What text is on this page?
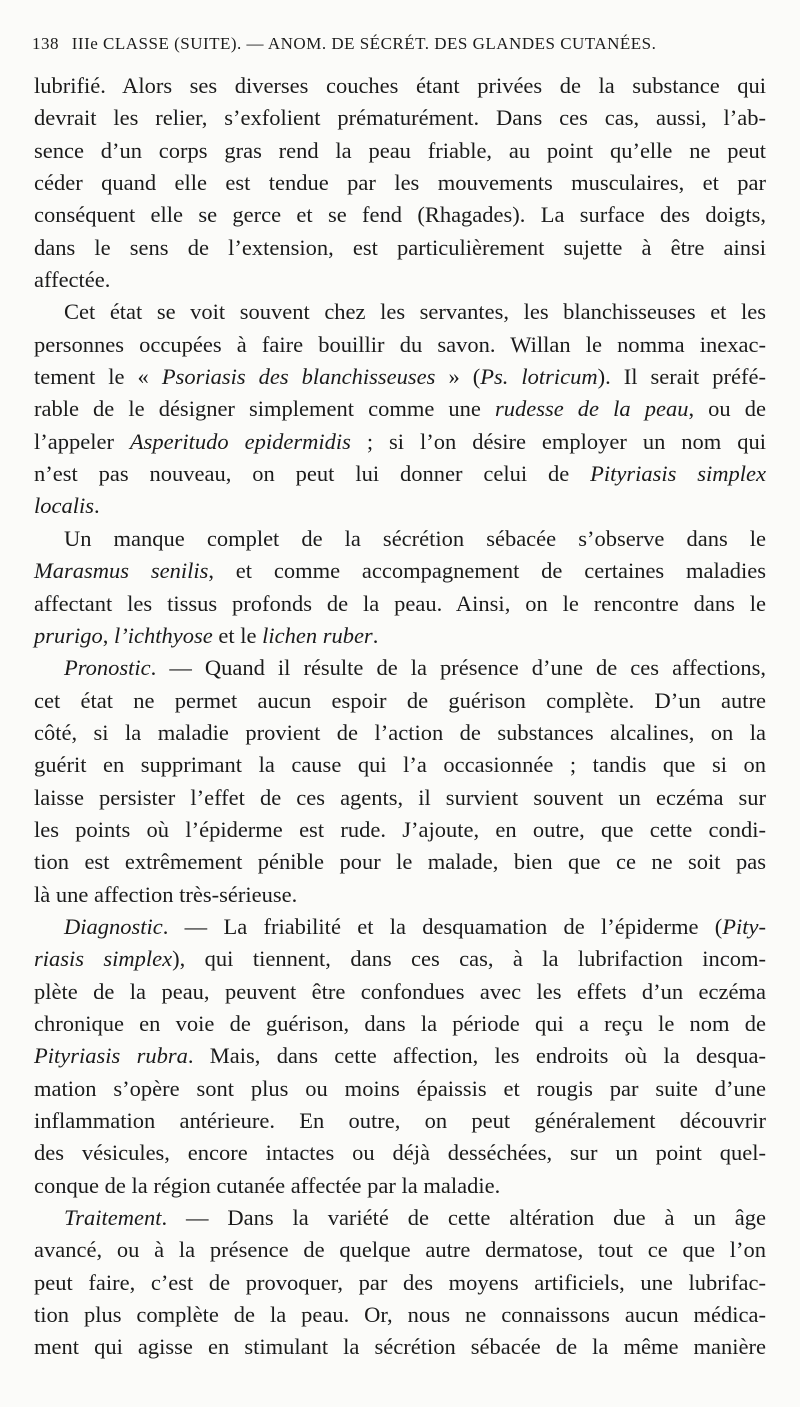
138 IIIe CLASSE (SUITE). — ANOM. DE SÉCRÉT. DES GLANDES CUTANÉES.
lubrifié. Alors ses diverses couches étant privées de la substance qui
devrait les relier, s’exfolient prématurément. Dans ces cas, aussi, l’ab-
sence d’un corps gras rend la peau friable, au point qu’elle ne peut
céder quand elle est tendue par les mouvements musculaires, et par
conséquent elle se gerce et se fend (Rhagades). La surface des doigts,
dans le sens de l’extension, est particulièrement sujette à être ainsi
affectée.
Cet état se voit souvent chez les servantes, les blanchisseuses et les
personnes occupées à faire bouillir du savon. Willan le nomma inexac-
tement le « Psoriasis des blanchisseuses » (Ps. lotricum). Il serait préfé-
rable de le désigner simplement comme une rudesse de la peau, ou de
l’appeler Asperitudo epidermidis ; si l’on désire employer un nom qui
n’est pas nouveau, on peut lui donner celui de Pityriasis simplex
localis.
Un manque complet de la sécrétion sébacée s’observe dans le
Marasmus senilis, et comme accompagnement de certaines maladies
affectant les tissus profonds de la peau. Ainsi, on le rencontre dans le
prurigo, l’ichthyose et le lichen ruber.
Pronostic. — Quand il résulte de la présence d’une de ces affections,
cet état ne permet aucun espoir de guérison complète. D’un autre
côté, si la maladie provient de l’action de substances alcalines, on la
guérit en supprimant la cause qui l’a occasionnée ; tandis que si on
laisse persister l’effet de ces agents, il survient souvent un eczéma sur
les points où l’épiderme est rude. J’ajoute, en outre, que cette condi-
tion est extrêmement pénible pour le malade, bien que ce ne soit pas
là une affection très-sérieuse.
Diagnostic. — La friabilité et la desquamation de l’épiderme (Pity-
riasis simplex), qui tiennent, dans ces cas, à la lubrifaction incom-
plète de la peau, peuvent être confondues avec les effets d’un eczéma
chronique en voie de guérison, dans la période qui a reçu le nom de
Pityriasis rubra. Mais, dans cette affection, les endroits où la desqua-
mation s’opère sont plus ou moins épaissis et rougis par suite d’une
inflammation antérieure. En outre, on peut généralement découvrir
des vésicules, encore intactes ou déjà desséchées, sur un point quel-
conque de la région cutanée affectée par la maladie.
Traitement. — Dans la variété de cette altération due à un âge
avancé, ou à la présence de quelque autre dermatose, tout ce que l’on
peut faire, c’est de provoquer, par des moyens artificiels, une lubrifac-
tion plus complète de la peau. Or, nous ne connaissons aucun médica-
ment qui agisse en stimulant la sécrétion sébacée de la même manière
